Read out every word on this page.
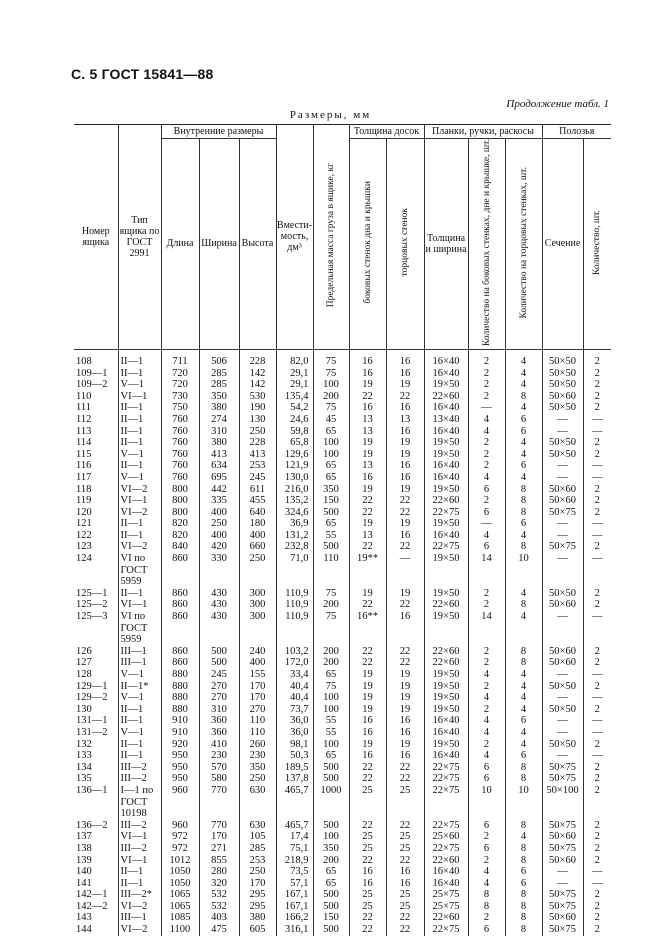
С. 5 ГОСТ 15841—88
Продолжение табл. 1
Размеры, мм
Номер ящика	Тип ящика по ГОСТ 2991	Внутренние размеры			Вмести-мость, дм³	Предельная масса груза в ящике, кг	Толщина досок		Планки, ручки, раскосы			Полозья	
		Длина	Ширина	Высота			боковых стенок дна и крышки	торцовых стенок	Толщина и ширина	Количество на боковых стенках, дне и крышке, шт.	Количество на торцовых стенках, шт.	Сечение	Количество, шт.

108	II—1	711	506	228	82,0	75	16	16	16×40	2	4	50×50	2
109—1	II—1	720	285	142	29,1	75	16	16	16×40	2	4	50×50	2
109—2	V—1	720	285	142	29,1	100	19	19	19×50	2	4	50×50	2
110	VI—1	730	350	530	135,4	200	22	22	22×60	2	8	50×60	2
111	II—1	750	380	190	54,2	75	16	16	16×40	—	4	50×50	2
112	II—1	760	274	130	24,6	45	13	13	13×40	4	6	—	—
113	II—1	760	310	250	59,8	65	13	16	16×40	4	6	—	—
114	II—1	760	380	228	65,8	100	19	19	19×50	2	4	50×50	2
115	V—1	760	413	413	129,6	100	19	19	19×50	2	4	50×50	2
116	II—1	760	634	253	121,9	65	13	16	16×40	2	6	—	—
117	V—1	760	695	245	130,0	65	16	16	16×40	4	4	—	—
118	VI—2	800	442	611	216,0	350	19	19	19×50	6	8	50×60	2
119	VI—1	800	335	455	135,2	150	22	22	22×60	2	8	50×60	2
120	VI—2	800	400	640	324,6	500	22	22	22×75	6	8	50×75	2
121	II—1	820	250	180	36,9	65	19	19	19×50	—	6	—	—
122	II—1	820	400	400	131,2	55	13	16	16×40	4	4	—	—
123	VI—2	840	420	660	232,8	500	22	22	22×75	6	8	50×75	2
124	VI по ГОСТ 5959	860	330	250	71,0	110	19**	—	19×50	14	10	—	—
125—1	II—1	860	430	300	110,9	75	19	19	19×50	2	4	50×50	2
125—2	VI—1	860	430	300	110,9	200	22	22	22×60	2	8	50×60	2
125—3	VI по ГОСТ 5959	860	430	300	110,9	75	16**	16	19×50	14	4	—	—
126	III—1	860	500	240	103,2	200	22	22	22×60	2	8	50×60	2
127	III—1	860	500	400	172,0	200	22	22	22×60	2	8	50×60	2
128	V—1	880	245	155	33,4	65	19	19	19×50	4	4	—	—
129—1	II—1*	880	270	170	40,4	75	19	19	19×50	2	4	50×50	2
129—2	V—1	880	270	170	40,4	100	19	19	19×50	4	4	—	—
130	II—1	880	310	270	73,7	100	19	19	19×50	2	4	50×50	2
131—1	II—1	910	360	110	36,0	55	16	16	16×40	4	6	—	—
131—2	V—1	910	360	110	36,0	55	16	16	16×40	4	4	—	—
132	II—1	920	410	260	98,1	100	19	19	19×50	2	4	50×50	2
133	II—1	950	230	230	50,3	65	16	16	16×40	4	6	—	—
134	III—2	950	570	350	189,5	500	22	22	22×75	6	8	50×75	2
135	III—2	950	580	250	137,8	500	22	22	22×75	6	8	50×75	2
136—1	I—1 по ГОСТ 10198	960	770	630	465,7	1000	25	25	22×75	10	10	50×100	2
136—2	III—2	960	770	630	465,7	500	22	22	22×75	6	8	50×75	2
137	VI—1	972	170	105	17,4	100	25	25	25×60	2	4	50×60	2
138	III—2	972	271	285	75,1	350	25	25	22×75	6	8	50×75	2
139	VI—1	1012	855	253	218,9	200	22	22	22×60	2	8	50×60	2
140	II—1	1050	280	250	73,5	65	16	16	16×40	4	6	—	—
141	II—1	1050	320	170	57,1	65	16	16	16×40	4	6	—	—
142—1	III—2*	1065	532	295	167,1	500	25	25	25×75	8	8	50×75	2
142—2	VI—2	1065	532	295	167,1	500	25	25	25×75	8	8	50×75	2
143	III—1	1085	403	380	166,2	150	22	22	22×60	2	8	50×60	2
144	VI—2	1100	475	605	316,1	500	22	22	22×75	6	8	50×75	2
